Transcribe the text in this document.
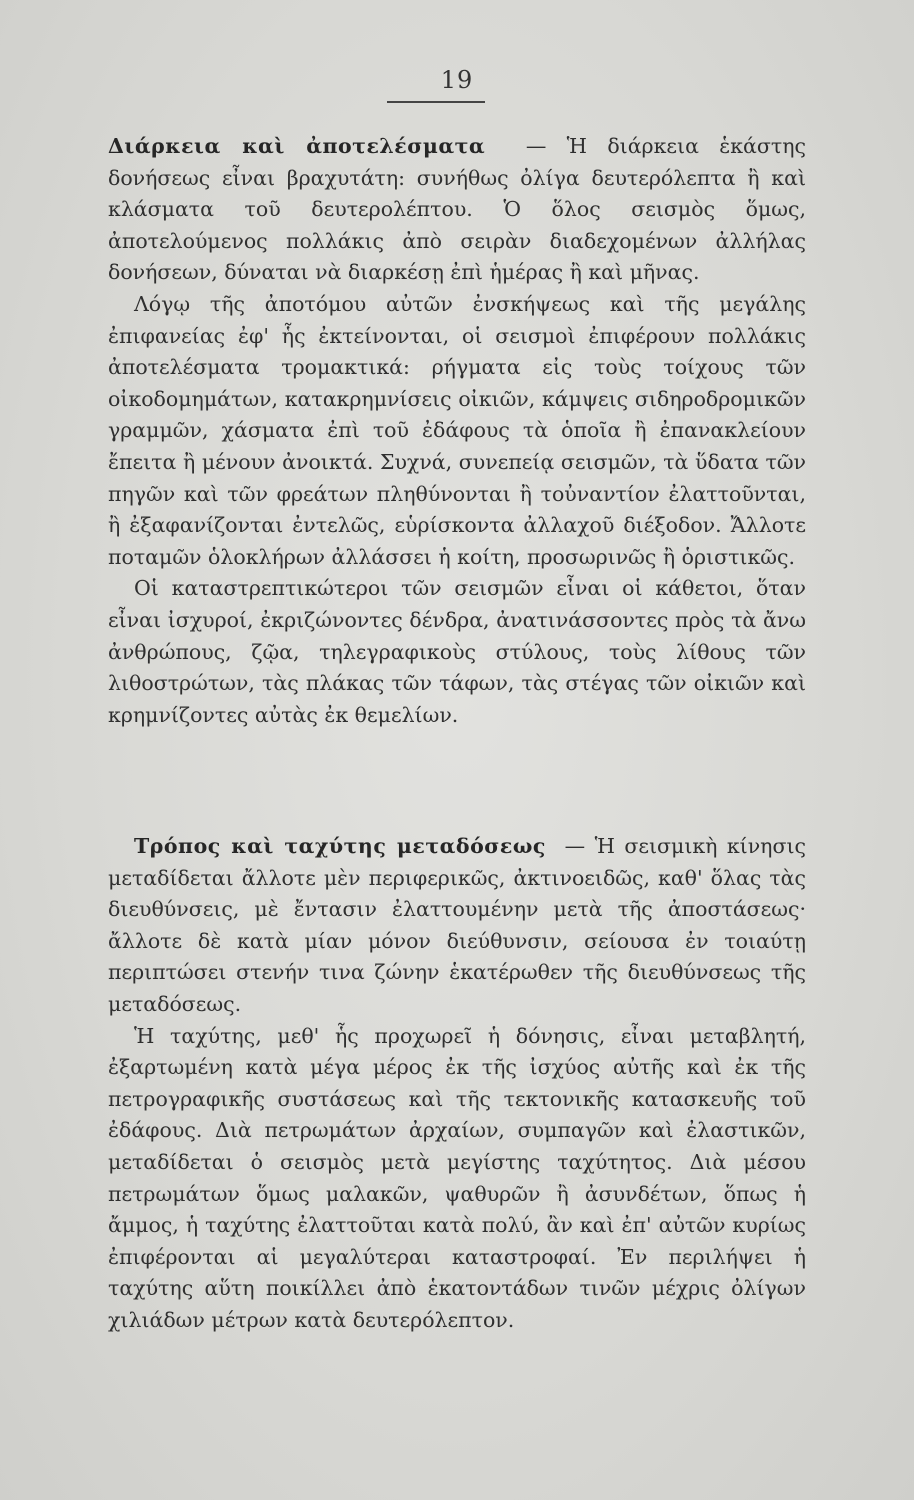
19

Διάρκεια καὶ ἀποτελέσματα — Ἡ διάρκεια ἑκάστης δονήσεως εἶναι βραχυτάτη: συνήθως ὀλίγα δευτερόλεπτα ἢ καὶ κλάσματα τοῦ δευτερολέπτου. Ὁ ὅλος σεισμὸς ὅμως, ἀποτελούμενος πολλάκις ἀπὸ σειρὰν διαδεχομένων ἀλλήλας δονήσεων, δύναται νὰ διαρκέσῃ ἐπὶ ἡμέρας ἢ καὶ μῆνας.

Λόγῳ τῆς ἀποτόμου αὐτῶν ἐνσκήψεως καὶ τῆς μεγάλης ἐπιφανείας ἐφ' ἧς ἐκτείνονται, οἱ σεισμοὶ ἐπιφέρουν πολλάκις ἀποτελέσματα τρομακτικά: ρήγματα εἰς τοὺς τοίχους τῶν οἰκοδομημάτων, κατακρημνίσεις οἰκιῶν, κάμψεις σιδηροδρομικῶν γραμμῶν, χάσματα ἐπὶ τοῦ ἐδάφους τὰ ὁποῖα ἢ ἐπανακλείουν ἔπειτα ἢ μένουν ἀνοικτά. Συχνά, συνεπείᾳ σεισμῶν, τὰ ὕδατα τῶν πηγῶν καὶ τῶν φρεάτων πληθύνονται ἢ τοὐναντίον ἐλαττοῦνται, ἢ ἐξαφανίζονται ἐντελῶς, εὑρίσκοντα ἀλλαχοῦ διέξοδον. Ἄλλοτε ποταμῶν ὁλοκλήρων ἀλλάσσει ἡ κοίτη, προσωρινῶς ἢ ὁριστικῶς.

Οἱ καταστρεπτικώτεροι τῶν σεισμῶν εἶναι οἱ κάθετοι, ὅταν εἶναι ἰσχυροί, ἐκριζώνοντες δένδρα, ἀνατινάσσοντες πρὸς τὰ ἄνω ἀνθρώπους, ζῷα, τηλεγραφικοὺς στύλους, τοὺς λίθους τῶν λιθοστρώτων, τὰς πλάκας τῶν τάφων, τὰς στέγας τῶν οἰκιῶν καὶ κρημνίζοντες αὐτὰς ἐκ θεμελίων.

Τρόπος καὶ ταχύτης μεταδόσεως — Ἡ σεισμικὴ κίνησις μεταδίδεται ἄλλοτε μὲν περιφερικῶς, ἀκτινοειδῶς, καθ' ὅλας τὰς διευθύνσεις, μὲ ἔντασιν ἐλαττουμένην μετὰ τῆς ἀποστάσεως· ἄλλοτε δὲ κατὰ μίαν μόνον διεύθυνσιν, σείουσα ἐν τοιαύτῃ περιπτώσει στενήν τινα ζώνην ἑκατέρωθεν τῆς διευθύνσεως τῆς μεταδόσεως.

Ἡ ταχύτης, μεθ' ἧς προχωρεῖ ἡ δόνησις, εἶναι μεταβλητή, ἐξαρτωμένη κατὰ μέγα μέρος ἐκ τῆς ἰσχύος αὐτῆς καὶ ἐκ τῆς πετρογραφικῆς συστάσεως καὶ τῆς τεκτονικῆς κατασκευῆς τοῦ ἐδάφους. Διὰ πετρωμάτων ἀρχαίων, συμπαγῶν καὶ ἐλαστικῶν, μεταδίδεται ὁ σεισμὸς μετὰ μεγίστης ταχύτητος. Διὰ μέσου πετρωμάτων ὅμως μαλακῶν, ψαθυρῶν ἢ ἀσυνδέτων, ὅπως ἡ ἄμμος, ἡ ταχύτης ἐλαττοῦται κατὰ πολύ, ἂν καὶ ἐπ' αὐτῶν κυρίως ἐπιφέρονται αἱ μεγαλύτεραι καταστροφαί. Ἐν περιλήψει ἡ ταχύτης αὕτη ποικίλλει ἀπὸ ἑκατοντάδων τινῶν μέχρις ὀλίγων χιλιάδων μέτρων κατὰ δευτερόλεπτον.
